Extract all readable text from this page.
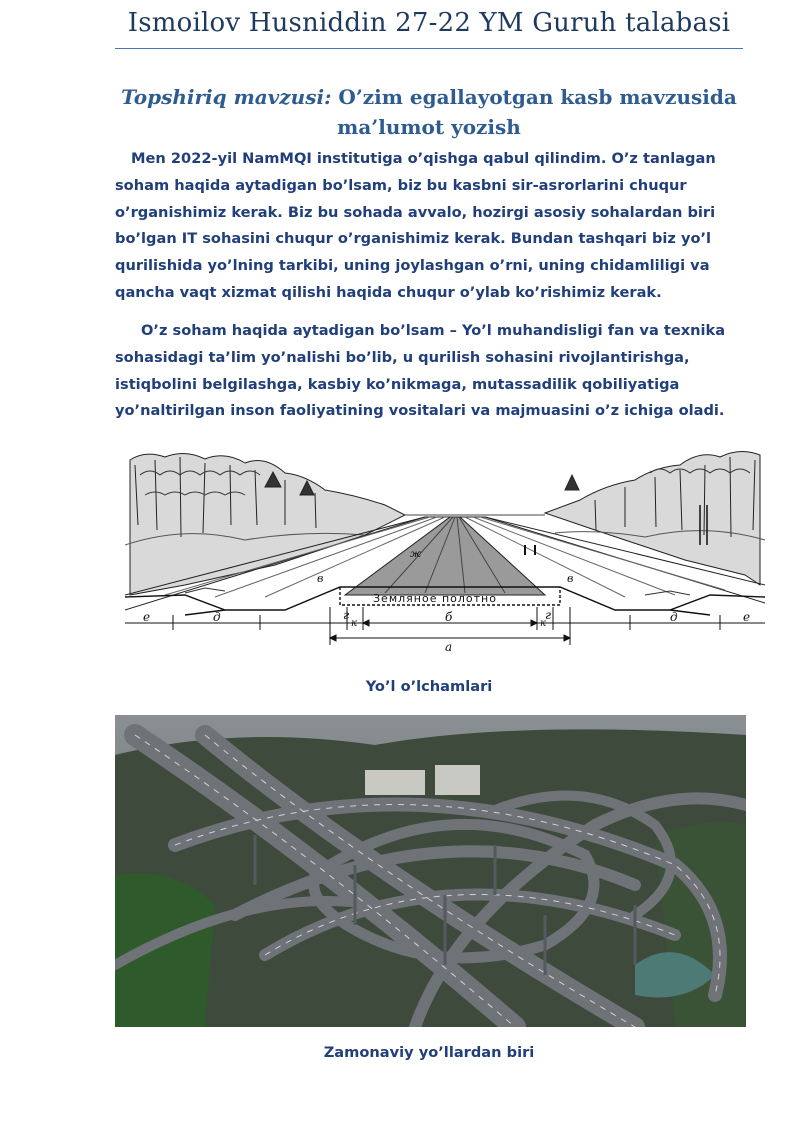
Ismoilov Husniddin 27-22 YM Guruh talabasi
Topshiriq mavzusi: O’zim egallayotgan kasb mavzusida ma’lumot yozish

Men 2022-yil NamMQI institutiga o’qishga qabul qilindim. O’z tanlagan soham haqida aytadigan bo’lsam, biz bu kasbni sir-asrorlarini chuqur o’rganishimiz kerak. Biz bu sohada avvalo, hozirgi asosiy sohalardan biri bo’lgan IT sohasini chuqur o’rganishimiz kerak. Bundan tashqari biz yo’l qurilishida yo’lning tarkibi, uning joylashgan o’rni, uning chidamliligi va qancha vaqt xizmat qilishi haqida chuqur o’ylab ko’rishimiz kerak.

O’z soham haqida aytadigan bo’lsam – Yo’l muhandisligi fan va texnika sohasidagi ta’lim yo’nalishi bo’lib, u qurilish sohasini rivojlantirishga, istiqbolini belgilashga, kasbiy ko’nikmaga, mutassadilik qobiliyatiga yo’naltirilgan inson faoliyatining vositalari va majmuasini o’z ichiga oladi.

Земляное полотно
в	в
ж
е	д	г
к	б	к
г	д	е
а
Yo’l o’lchamlari
Zamonaviy yo’llardan biri
